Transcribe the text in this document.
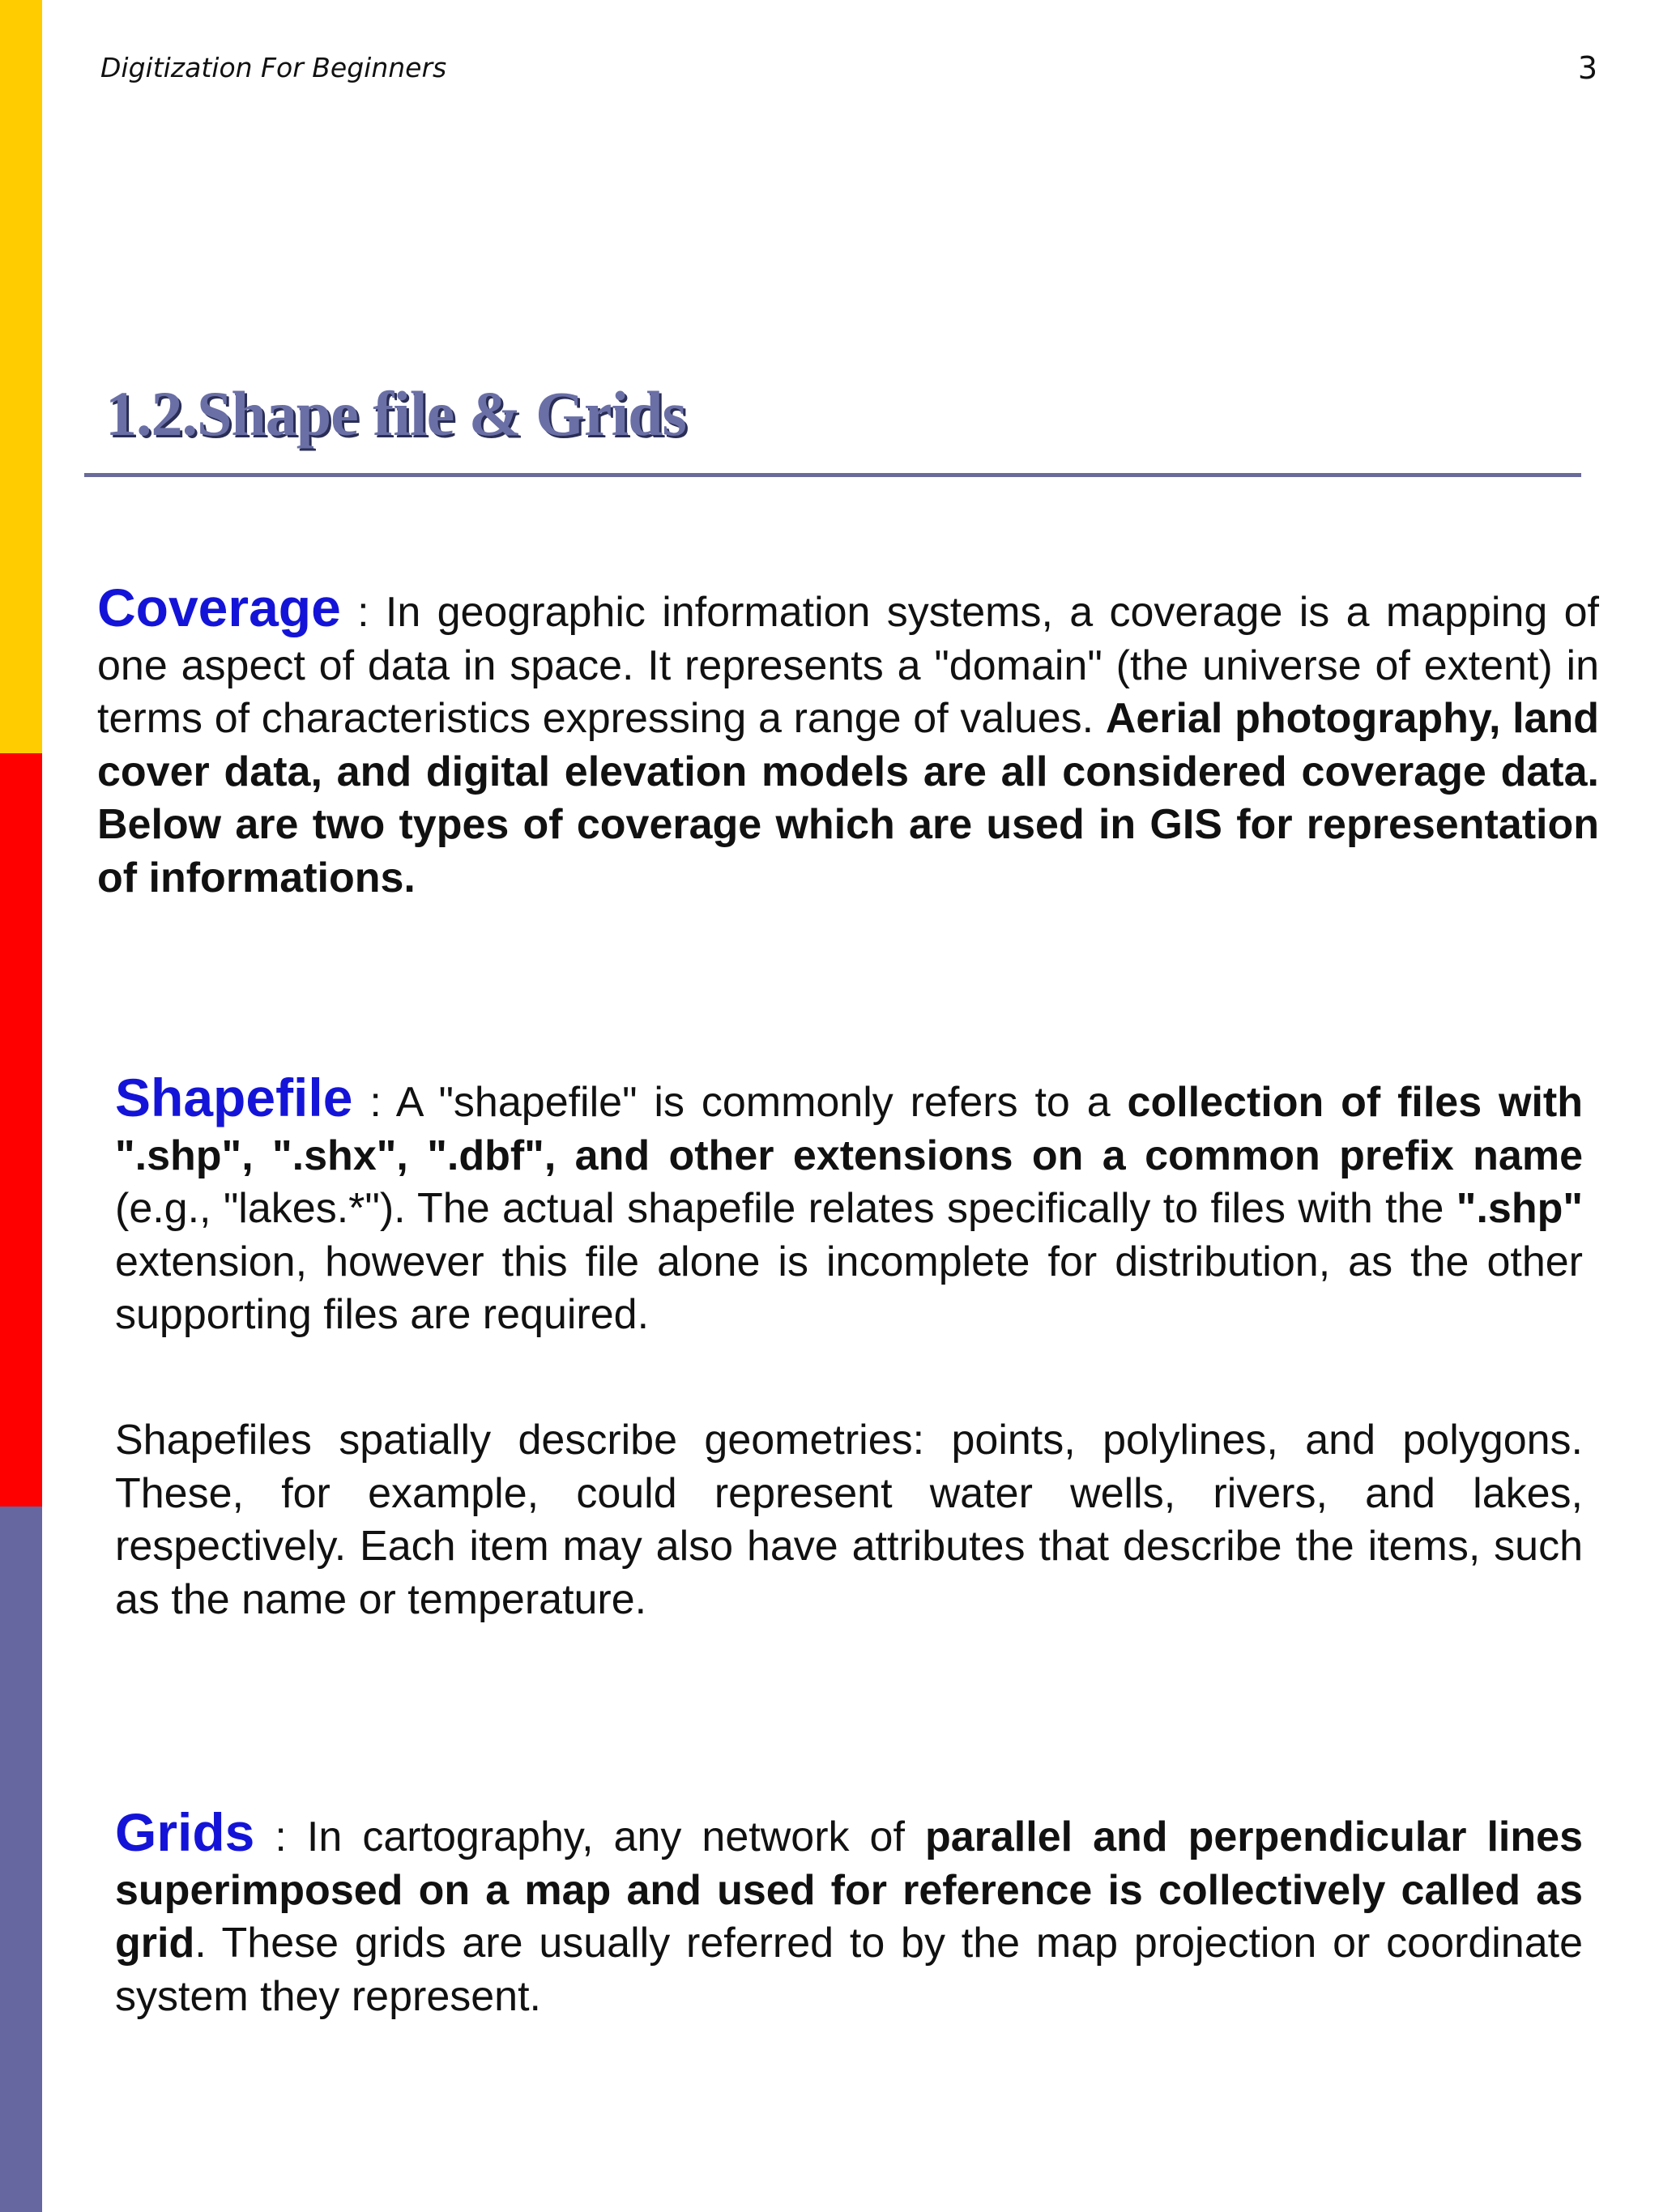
Digitization For Beginners	3
1.2.Shape file & Grids

Coverage : In geographic information systems, a coverage is a mapping of one aspect of data in space. It represents a "domain" (the universe of extent) in terms of characteristics expressing a range of values. Aerial photography, land cover data, and digital elevation models are all considered coverage data. Below are two types of coverage which are used in GIS for representation of informations.

Shapefile : A "shapefile" is commonly refers to a collection of files with ".shp", ".shx", ".dbf", and other extensions on a common prefix name (e.g., "lakes.*"). The actual shapefile relates specifically to files with the ".shp" extension, however this file alone is incomplete for distribution, as the other supporting files are required.

Shapefiles spatially describe geometries: points, polylines, and polygons. These, for example, could represent water wells, rivers, and lakes, respectively. Each item may also have attributes that describe the items, such as the name or temperature.

Grids : In cartography, any network of parallel and perpendicular lines superimposed on a map and used for reference is collectively called as grid. These grids are usually referred to by the map projection or coordinate system they represent.
